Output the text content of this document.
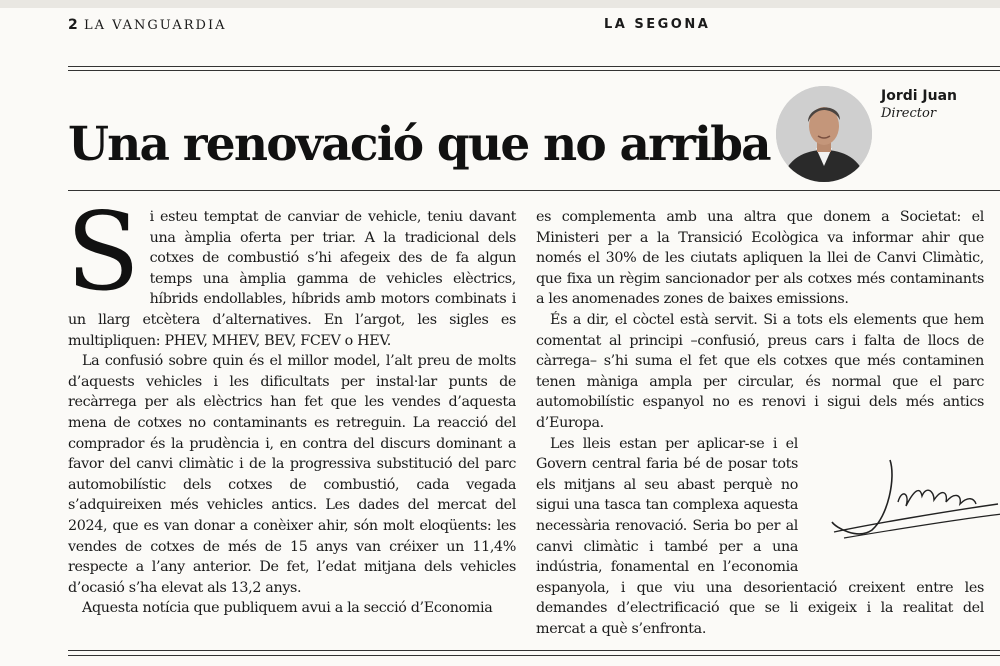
2 LA VANGUARDIA	LA SEGONA
Una renovació que no arriba
Jordi Juan
Director

Si esteu temptat de canviar de vehicle, teniu davant una àmplia oferta per triar. A la tradicional dels cotxes de combustió s’hi afegeix des de fa algun temps una àmplia gamma de vehicles elèctrics, híbrids endollables, híbrids amb motors combinats i un llarg etcètera d’alternatives. En l’argot, les sigles es multipliquen: PHEV, MHEV, BEV, FCEV o HEV.

La confusió sobre quin és el millor model, l’alt preu de molts d’aquests vehicles i les dificultats per instal·lar punts de recàrrega per als elèctrics han fet que les vendes d’aquesta mena de cotxes no contaminants es retreguin. La reacció del comprador és la prudència i, en contra del discurs dominant a favor del canvi climàtic i de la progressiva substitució del parc automobilístic dels cotxes de combustió, cada vegada s’adquireixen més vehicles antics. Les dades del mercat del 2024, que es van donar a conèixer ahir, són molt eloqüents: les vendes de cotxes de més de 15 anys van créixer un 11,4% respecte a l’any anterior. De fet, l’edat mitjana dels vehicles d’ocasió s’ha elevat als 13,2 anys.

Aquesta notícia que publiquem avui a la secció d’Economia

es complementa amb una altra que donem a Societat: el Ministeri per a la Transició Ecològica va informar ahir que només el 30% de les ciutats apliquen la llei de Canvi Climàtic, que fixa un règim sancionador per als cotxes més contaminants a les anomenades zones de baixes emissions.

És a dir, el còctel està servit. Si a tots els elements que hem comentat al principi –confusió, preus cars i falta de llocs de càrrega– s’hi suma el fet que els cotxes que més contaminen tenen màniga ampla per circular, és normal que el parc automobilístic espanyol no es renovi i sigui dels més antics d’Europa.

Les lleis estan per aplicar-se i el Govern central faria bé de posar tots els mitjans al seu abast perquè no sigui una tasca tan complexa aquesta necessària renovació. Seria bo per al canvi climàtic i també per a una indústria, fonamental en l’economia espanyola, i que viu una desorientació creixent entre les demandes d’electrificació que se li exigeix i la realitat del mercat a què s’enfronta.
